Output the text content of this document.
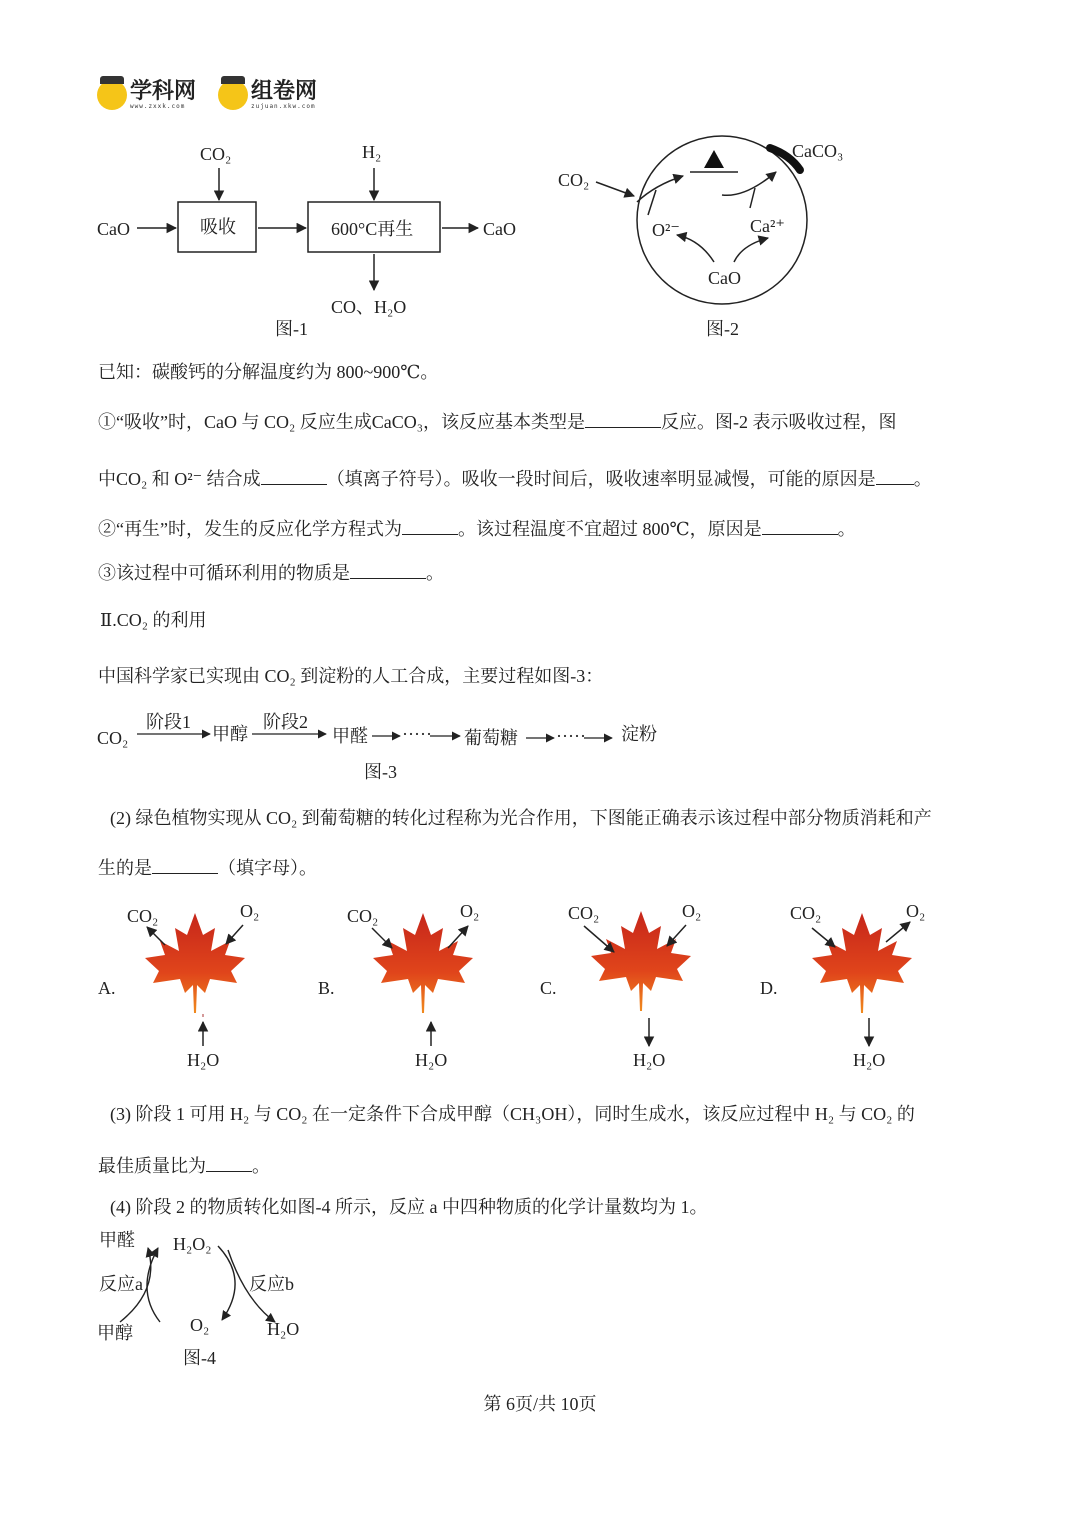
学科网
www.zxxk.com
组卷网
zujuan.xkw.com
CO₂	H₂
CaO	吸收	600°C再生	CaO
CO、H₂O
图-1
CO₂
CaCO₃
O²⁻	Ca²⁺
CaO
图-2
CO₂
阶段1
甲醇
阶段2
甲醛 ····· 葡萄糖 ····· 淀粉
图-3
A.
CO₂	O₂
H₂O
B.
CO₂	O₂
H₂O
C.
CO₂	O₂
H₂O
D.
CO₂	O₂
H₂O
甲醛 H₂O₂
反应a	反应b
甲醇	O₂	H₂O
图-4
已知：碳酸钙的分解温度约为 800~900℃。
①“吸收”时，CaO 与 CO₂ 反应生成CaCO₃，该反应基本类型是	反应。图-2 表示吸收过程，图
中CO₂ 和 O²⁻ 结合成	（填离子符号）。吸收一段时间后，吸收速率明显减慢，可能的原因是 。
②“再生”时，发生的反应化学方程式为	。该过程温度不宜超过 800℃，原因是	。
③该过程中可循环利用的物质是	。
Ⅱ.CO₂ 的利用
中国科学家已实现由 CO₂ 到淀粉的人工合成，主要过程如图-3：
(2) 绿色植物实现从 CO₂ 到葡萄糖的转化过程称为光合作用，下图能正确表示该过程中部分物质消耗和产
生的是	（填字母）。
(3) 阶段 1 可用 H₂ 与 CO₂ 在一定条件下合成甲醇（CH₃OH），同时生成水，该反应过程中 H₂ 与 CO₂ 的
最佳质量比为	。
(4) 阶段 2 的物质转化如图-4 所示，反应 a 中四种物质的化学计量数均为 1。
第 6页/共 10页
